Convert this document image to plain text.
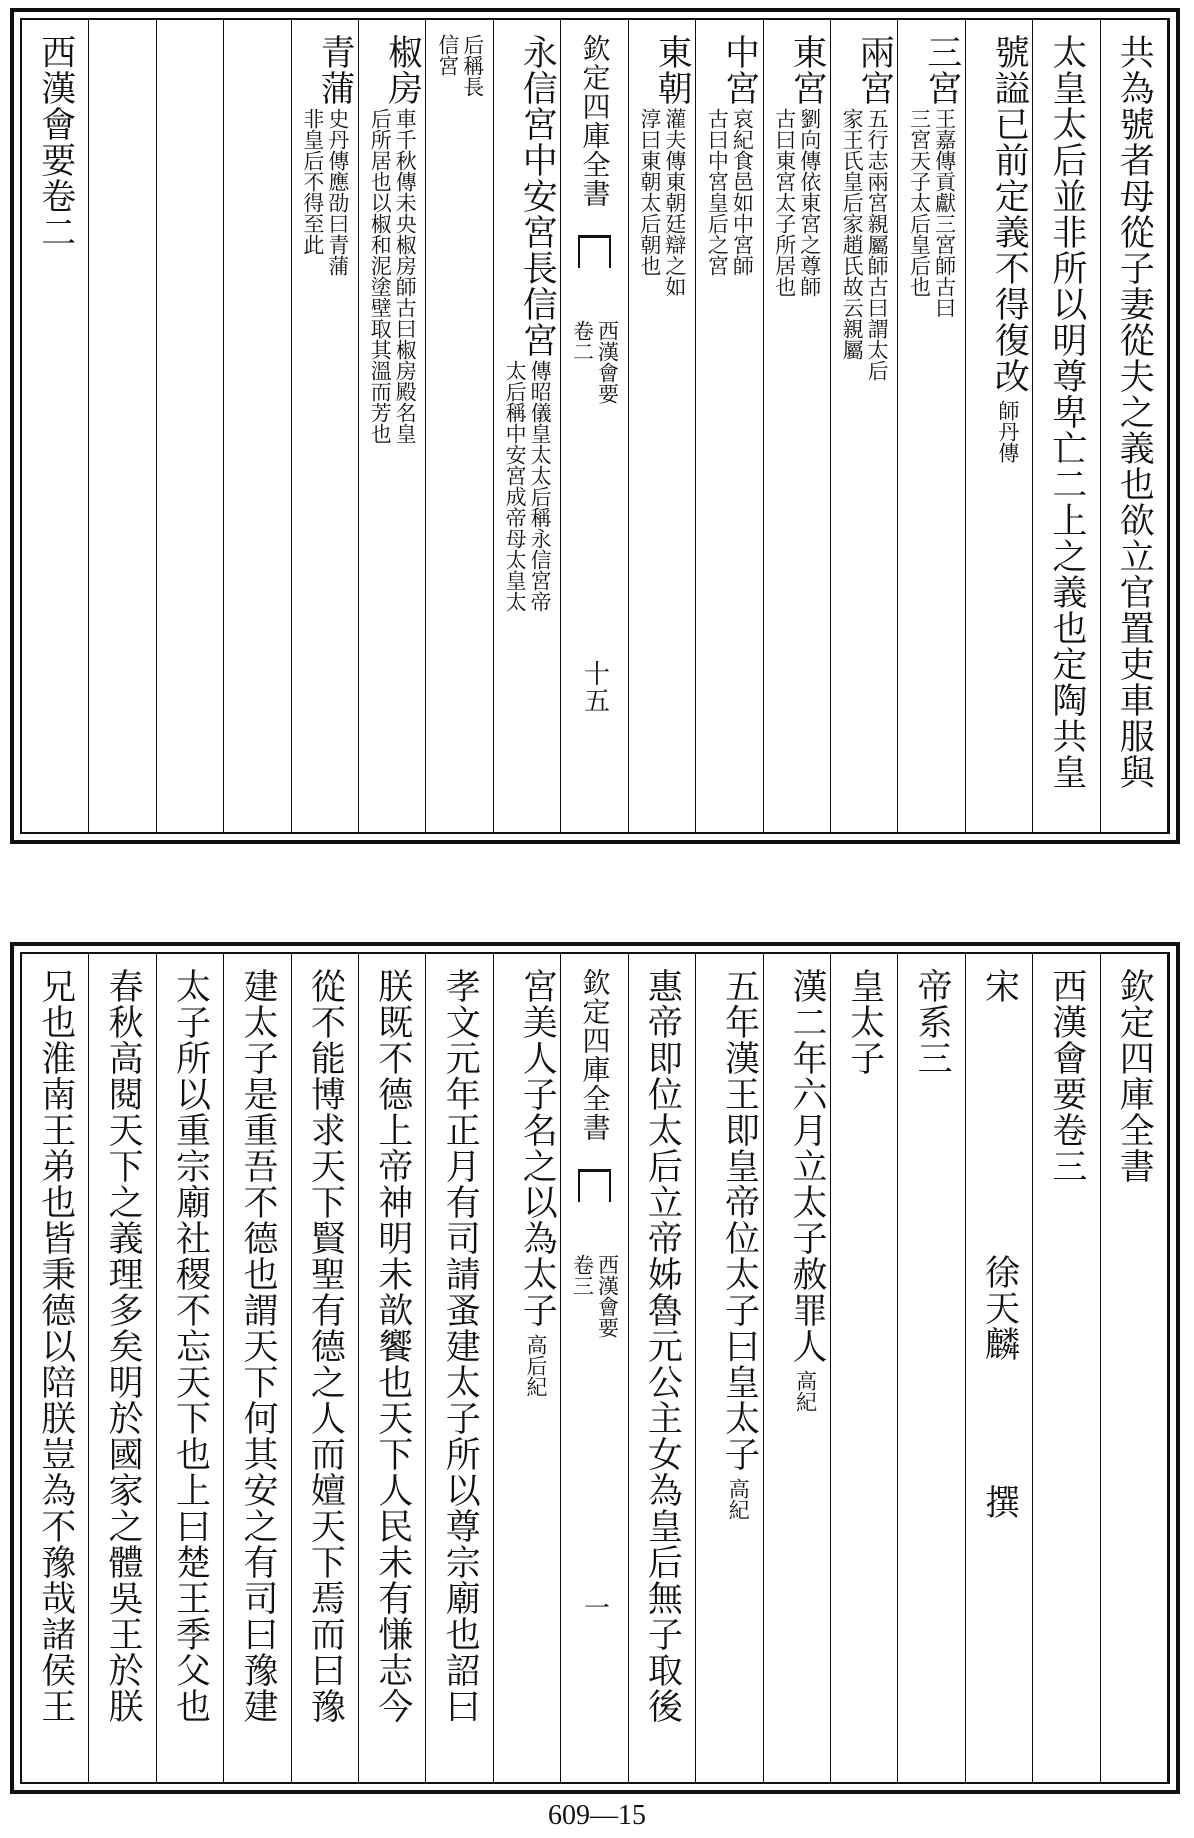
共為號者母從子妻從夫之義也欲立官置吏車服與
太皇太后並非所以明尊卑亡二上之義也定陶共皇
號謚已前定義不得復改
師丹傳
三宮
王嘉傳貢獻三宮師古曰
三宮天子太后皇后也
兩宮
五行志兩宮親屬師古曰謂太后
家王氏皇后家趙氏故云親屬
東宮
劉向傳依東宮之尊師
古曰東宮太子所居也
中宮
哀紀食邑如中宮師
古曰中宮皇后之宮
東朝
灌夫傳東朝廷辯之如
淳曰東朝太后朝也
欽定四庫全書
西漢會要
卷二
十五
永信宮中安宮長信宮
傳昭儀皇太太后稱永信宮帝
太后稱中安宮成帝母太皇太
后稱長
信宮
椒房
車千秋傳未央椒房師古曰椒房殿名皇
后所居也以椒和泥塗壁取其溫而芳也
青蒲
史丹傳應劭曰青蒲
非皇后不得至此
西漢會要卷二
欽定四庫全書
西漢會要卷三
宋
徐天麟
撰
帝系三
皇太子
漢二年六月立太子赦罪人
高紀
五年漢王即皇帝位太子曰皇太子
高紀
惠帝即位太后立帝姊魯元公主女為皇后無子取後
欽定四庫全書
西漢會要
卷三
一
宮美人子名之以為太子
高后紀
孝文元年正月有司請蚤建太子所以尊宗廟也詔曰
朕既不德上帝神明未歆饗也天下人民未有慊志今
從不能博求天下賢聖有德之人而嬗天下焉而曰豫
建太子是重吾不德也謂天下何其安之有司曰豫建
太子所以重宗廟社稷不忘天下也上曰楚王季父也
春秋高閱天下之義理多矣明於國家之體吳王於朕
兄也淮南王弟也皆秉德以陪朕豈為不豫哉諸侯王
609—15
